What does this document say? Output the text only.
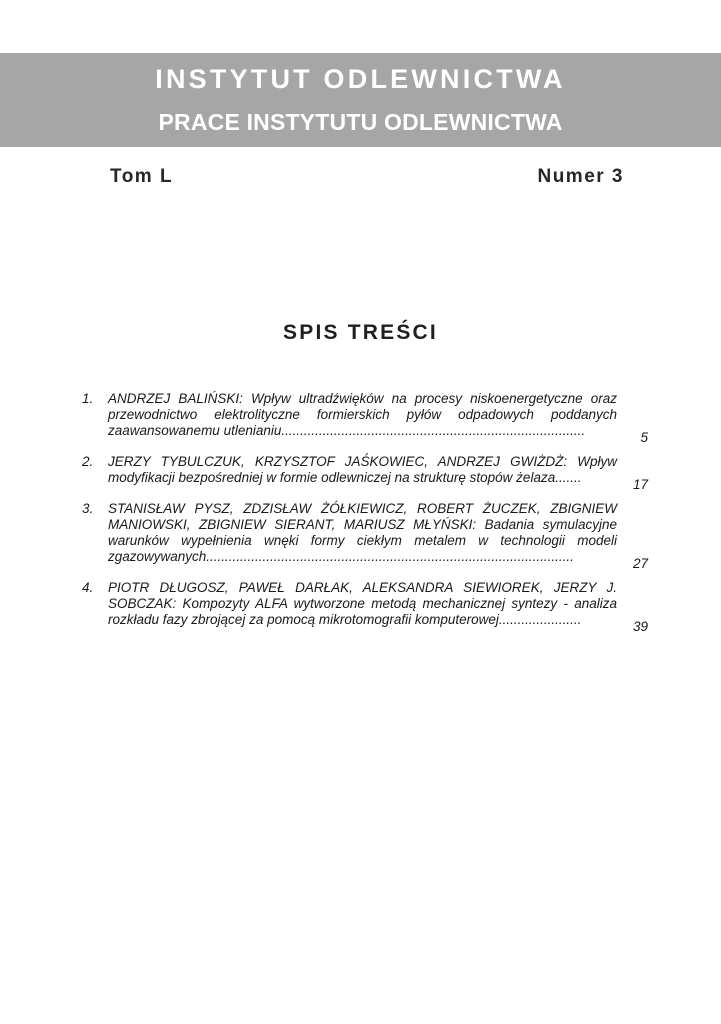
INSTYTUT ODLEWNICTWA
PRACE INSTYTUTU ODLEWNICTWA
Tom L	Numer 3
SPIS TREŚCI
1. ANDRZEJ BALIŃSKI: Wpływ ultradźwięków na procesy niskoenergetyczne oraz przewodnictwo elektrolityczne formierskich pyłów odpadowych poddanych zaawansowanemu utlenianiu.................................................................................	5
2. JERZY TYBULCZUK, KRZYSZTOF JAŚKOWIEC, ANDRZEJ GWIŻDŻ: Wpływ modyfikacji bezpośredniej w formie odlewniczej na strukturę stopów żelaza.......	17
3. STANISŁAW PYSZ, ZDZISŁAW ŻÓŁKIEWICZ, ROBERT ŻUCZEK, ZBIGNIEW MANIOWSKI, ZBIGNIEW SIERANT, MARIUSZ MŁYŃSKI: Badania symulacyjne warunków wypełnienia wnęki formy ciekłym metalem w technologii modeli zgazowywanych..................................................................................................	27
4. PIOTR DŁUGOSZ, PAWEŁ DARŁAK, ALEKSANDRA SIEWIOREK, JERZY J. SOBCZAK: Kompozyty ALFA wytworzone metodą mechanicznej syntezy - analiza rozkładu fazy zbrojącej za pomocą mikrotomografii komputerowej......................	39
